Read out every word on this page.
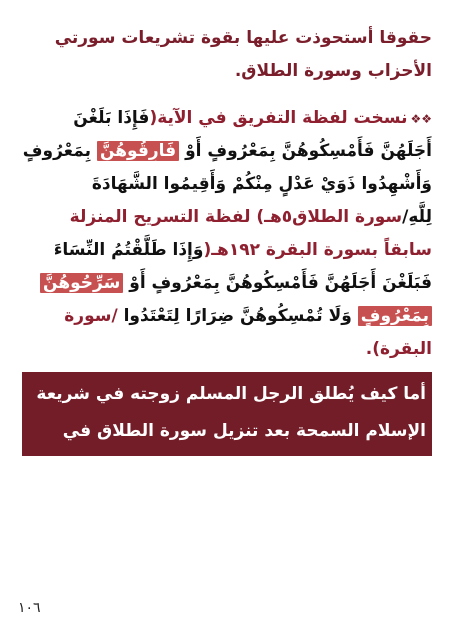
حقوقا أستحوذت عليها بقوة تشريعات سورتي
الأحزاب وسورة الطلاق.
❖❖نسخت لفظة التفريق في الآية(فَإِذَا بَلَغْنَ
أَجَلَهُنَّ فَأَمْسِكُوهُنَّ بِمَعْرُوفٍ أَوْ فَارِقُوهُنَّ بِمَعْرُوفٍ
وَأَشْهِدُوا ذَوَيْ عَدْلٍ مِنْكُمْ وَأَقِيمُوا الشَّهَادَةَ
لِلَّهِ/سورة الطلاق٥هـ) لفظة التسريح المنزلة
سابقاً بسورة البقرة ١٩٢هـ(وَإِذَا طَلَّقْتُمُ النِّسَاءَ
فَبَلَغْنَ أَجَلَهُنَّ فَأَمْسِكُوهُنَّ بِمَعْرُوفٍ أَوْ سَرِّحُوهُنَّ
بِمَعْرُوفٍ وَلَا تُمْسِكُوهُنَّ ضِرَارًا لِتَعْتَدُوا /سورة
البقرة).
أما كيف يُطلق الرجل المسلم زوجته في شريعة
الإسلام السمحة بعد تنزيل سورة الطلاق في
١٠٦
